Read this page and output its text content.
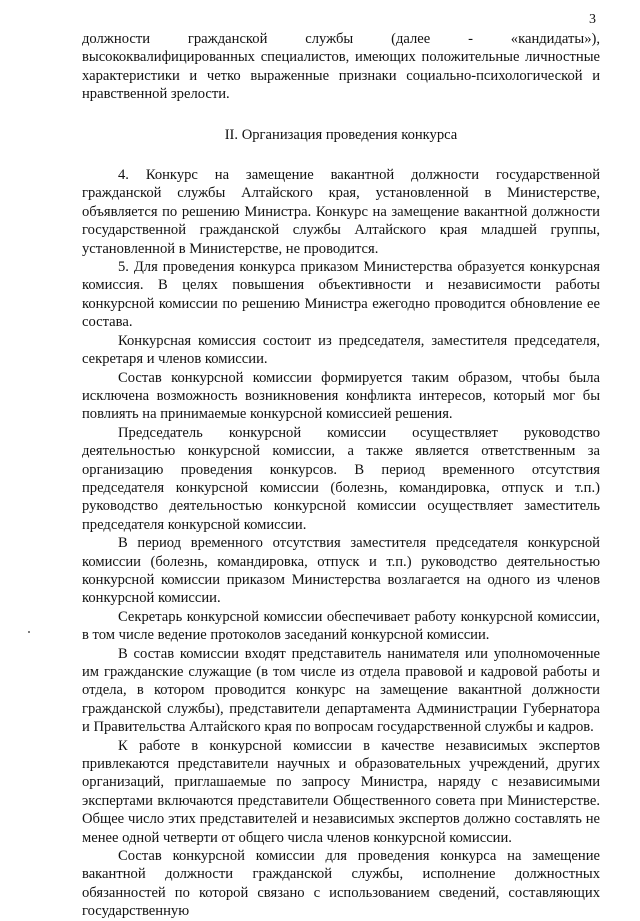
3

должности гражданской службы (далее - «кандидаты»), высококвалифицированных специалистов, имеющих положительные личностные характеристики и четко выраженные признаки социально-психологической и нравственной зрелости.

II. Организация проведения конкурса

4. Конкурс на замещение вакантной должности государственной гражданской службы Алтайского края, установленной в Министерстве, объявляется по решению Министра. Конкурс на замещение вакантной должности государственной гражданской службы Алтайского края младшей группы, установленной в Министерстве, не проводится.

5. Для проведения конкурса приказом Министерства образуется конкурсная комиссия. В целях повышения объективности и независимости работы конкурсной комиссии по решению Министра ежегодно проводится обновление ее состава.

Конкурсная комиссия состоит из председателя, заместителя председателя, секретаря и членов комиссии.

Состав конкурсной комиссии формируется таким образом, чтобы была исключена возможность возникновения конфликта интересов, который мог бы повлиять на принимаемые конкурсной комиссией решения.

Председатель конкурсной комиссии осуществляет руководство деятельностью конкурсной комиссии, а также является ответственным за организацию проведения конкурсов. В период временного отсутствия председателя конкурсной комиссии (болезнь, командировка, отпуск и т.п.) руководство деятельностью конкурсной комиссии осуществляет заместитель председателя конкурсной комиссии.

В период временного отсутствия заместителя председателя конкурсной комиссии (болезнь, командировка, отпуск и т.п.) руководство деятельностью конкурсной комиссии приказом Министерства возлагается на одного из членов конкурсной комиссии.

Секретарь конкурсной комиссии обеспечивает работу конкурсной комиссии, в том числе ведение протоколов заседаний конкурсной комиссии.

В состав комиссии входят представитель нанимателя или уполномоченные им гражданские служащие (в том числе из отдела правовой и кадровой работы и отдела, в котором проводится конкурс на замещение вакантной должности гражданской службы), представители департамента Администрации Губернатора и Правительства Алтайского края по вопросам государственной службы и кадров.

К работе в конкурсной комиссии в качестве независимых экспертов привлекаются представители научных и образовательных учреждений, других организаций, приглашаемые по запросу Министра, наряду с независимыми экспертами включаются представители Общественного совета при Министерстве. Общее число этих представителей и независимых экспертов должно составлять не менее одной четверти от общего числа членов конкурсной комиссии.

Состав конкурсной комиссии для проведения конкурса на замещение вакантной должности гражданской службы, исполнение должностных обязанностей по которой связано с использованием сведений, составляющих государственную
